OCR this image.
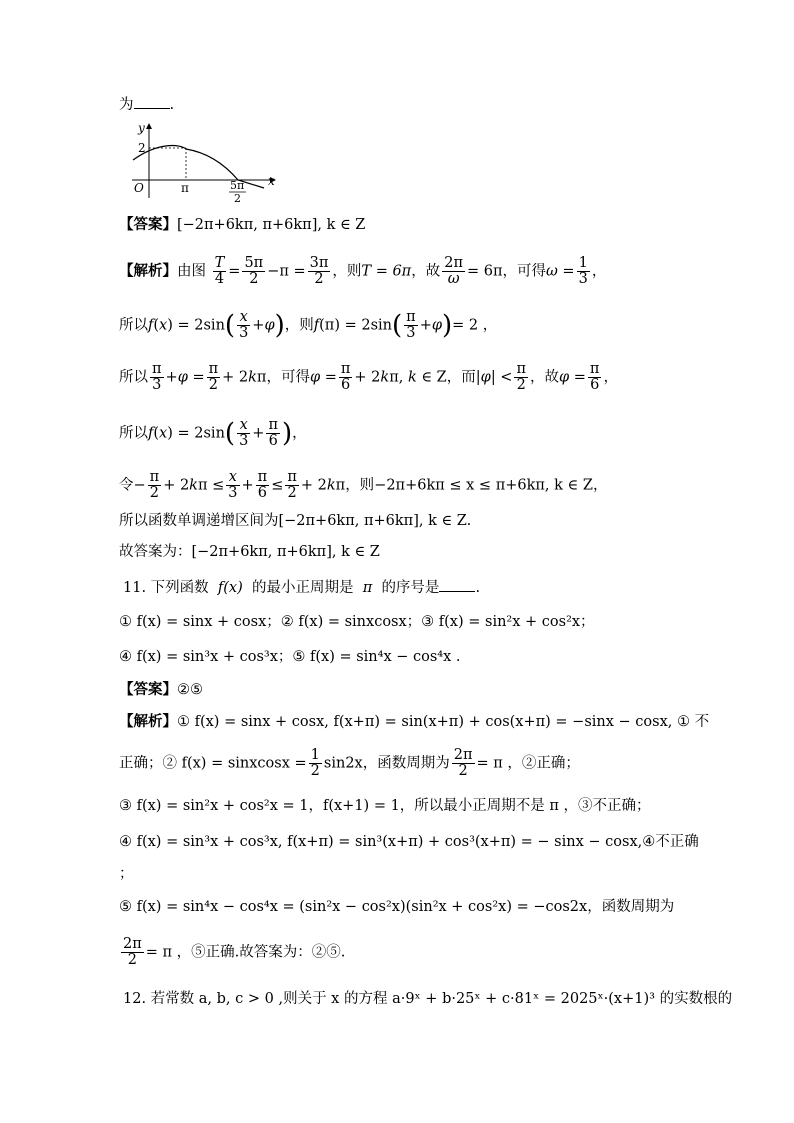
为 .
y
2
O	π	5π
2
x
【答案】[−2π+6kπ, π+6kπ], k ∈ Z
【解析】由图 $\frac{T}{4} = \frac{5\pi}{2} -\pi = \frac{3\pi}{2}$ ，则T = 6π，故 $\frac{2\pi}{\omega} = 6\pi$，可得$\omega = \frac{1}{3}$ ，
所以$f(x) = 2\sin( \frac{x}{3} +\varphi)$，则$f(\pi) = 2\sin( \frac{\pi}{3} +\varphi)= 2$ ，
所以 $\frac{\pi}{3} +\varphi = \frac{\pi}{2} + 2k\pi$，可得$\varphi = \frac{\pi}{6} + 2k\pi$, k ∈ Z，而$|\varphi| < \frac{\pi}{2}$ ，故$\varphi = \frac{\pi}{6}$ ，
所以$f(x) = 2\sin( \frac{x}{3} + \frac{\pi}{6}$ )，
令− $\frac{\pi}{2} + 2k\pi \le \frac{x}{3} + \frac{\pi}{6} \le \frac{\pi}{2} + 2k\pi$，则−2π+6kπ ≤ x ≤ π+6kπ, k ∈ Z，
所以函数单调递增区间为[−2π+6kπ, π+6kπ], k ∈ Z.
故答案为：[−2π+6kπ, π+6kπ], k ∈ Z
11. 下列函数 f(x) 的最小正周期是 π 的序号是 .
① f(x) = sinx + cosx；② f(x) = sinxcosx；③ f(x) = sin²x + cos²x；
④ f(x) = sin³x + cos³x；⑤ f(x) = sin⁴x − cos⁴x .
【答案】②⑤
【解析】① f(x) = sinx + cosx, f(x+π) = sin(x+π) + cos(x+π) = −sinx − cosx, ① 不
正确；② f(x) = sinxcosx = $\frac{1}{2} \sin 2x$，函数周期为 $\frac{2\pi}{2} = \pi$ ，②正确；
③ f(x) = sin²x + cos²x = 1，f(x+1) = 1，所以最小正周期不是 π ，③不正确；
④ f(x) = sin³x + cos³x, f(x+π) = sin³(x+π) + cos³(x+π) = − sinx − cosx,④不正确
；
⑤ f(x) = sin⁴x − cos⁴x = (sin²x − cos²x)(sin²x + cos²x) = −cos2x，函数周期为
$\frac{2\pi}{2} = \pi$ ，⑤正确.故答案为：②⑤.
12. 若常数 a, b, c > 0 ,则关于 x 的方程 a·9ˣ + b·25ˣ + c·81ˣ = 2025ˣ·(x+1)³ 的实数根的
